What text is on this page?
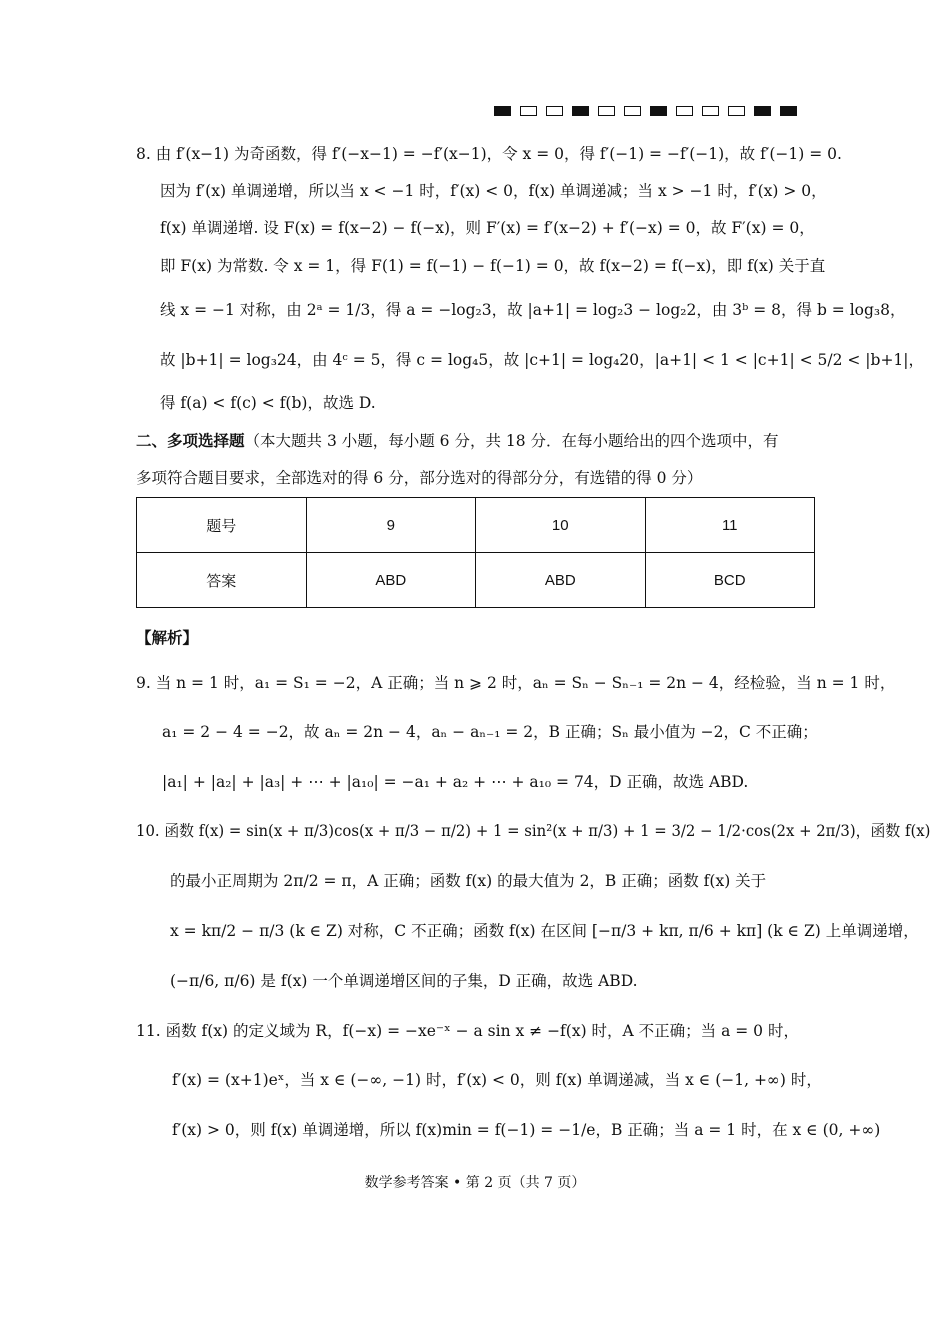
8. 由 f′(x−1) 为奇函数，得 f′(−x−1) = −f′(x−1)，令 x = 0，得 f′(−1) = −f′(−1)，故 f′(−1) = 0.
因为 f′(x) 单调递增，所以当 x < −1 时，f′(x) < 0，f(x) 单调递减；当 x > −1 时，f′(x) > 0，
f(x) 单调递增. 设 F(x) = f(x−2) − f(−x)，则 F′(x) = f′(x−2) + f′(−x) = 0，故 F′(x) = 0，
即 F(x) 为常数. 令 x = 1，得 F(1) = f(−1) − f(−1) = 0，故 f(x−2) = f(−x)，即 f(x) 关于直
线 x = −1 对称，由 2ᵃ = 1/3，得 a = −log₂3，故 |a+1| = log₂3 − log₂2，由 3ᵇ = 8，得 b = log₃8，
故 |b+1| = log₃24，由 4ᶜ = 5，得 c = log₄5，故 |c+1| = log₄20，|a+1| < 1 < |c+1| < 5/2 < |b+1|，
得 f(a) < f(c) < f(b)，故选 D.
二、多项选择题（本大题共 3 小题，每小题 6 分，共 18 分．在每小题给出的四个选项中，有
多项符合题目要求，全部选对的得 6 分，部分选对的得部分分，有选错的得 0 分）
题号	9	10	11
答案	ABD	ABD	BCD
【解析】
9. 当 n = 1 时，a₁ = S₁ = −2，A 正确；当 n ⩾ 2 时，aₙ = Sₙ − Sₙ₋₁ = 2n − 4，经检验，当 n = 1 时，
a₁ = 2 − 4 = −2，故 aₙ = 2n − 4，aₙ − aₙ₋₁ = 2，B 正确；Sₙ 最小值为 −2，C 不正确；
|a₁| + |a₂| + |a₃| + ⋯ + |a₁₀| = −a₁ + a₂ + ⋯ + a₁₀ = 74，D 正确，故选 ABD.
10. 函数 f(x) = sin(x + π/3)cos(x + π/3 − π/2) + 1 = sin²(x + π/3) + 1 = 3/2 − 1/2·cos(2x + 2π/3)，函数 f(x)
的最小正周期为 2π/2 = π，A 正确；函数 f(x) 的最大值为 2，B 正确；函数 f(x) 关于
x = kπ/2 − π/3 (k ∈ Z) 对称，C 不正确；函数 f(x) 在区间 [−π/3 + kπ, π/6 + kπ] (k ∈ Z) 上单调递增，
(−π/6, π/6) 是 f(x) 一个单调递增区间的子集，D 正确，故选 ABD.
11. 函数 f(x) 的定义域为 R，f(−x) = −xe⁻ˣ − a sin x ≠ −f(x) 时，A 不正确；当 a = 0 时，
f′(x) = (x+1)eˣ，当 x ∈ (−∞, −1) 时，f′(x) < 0，则 f(x) 单调递减，当 x ∈ (−1, +∞) 时，
f′(x) > 0，则 f(x) 单调递增，所以 f(x)min = f(−1) = −1/e，B 正确；当 a = 1 时，在 x ∈ (0, +∞)
数学参考答案 • 第 2 页（共 7 页）
